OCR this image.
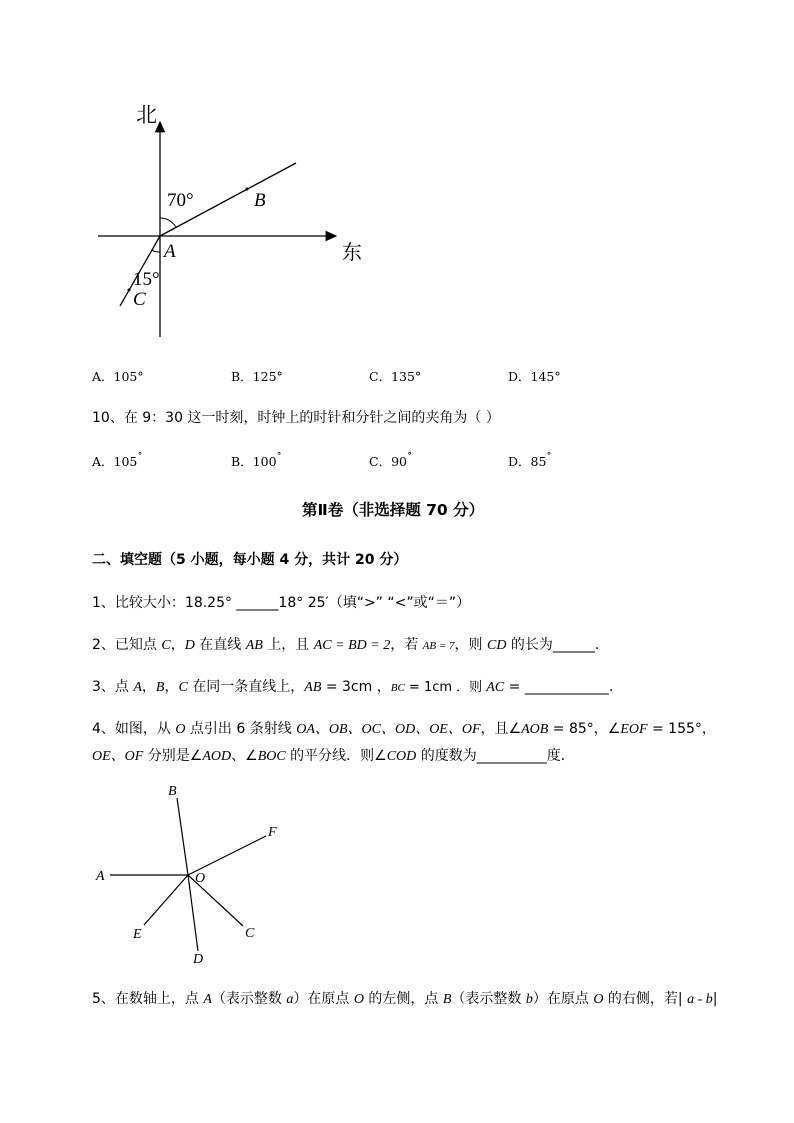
北
东
70°
15°
A
B
C
A．105°	B．125°	C．135°	D．145°
10、在 9：30 这一时刻，时钟上的时针和分针之间的夹角为（ ）
A．105˚	B．100˚	C．90˚	D．85˚
第Ⅱ卷（非选择题 70 分）
二、填空题（5 小题，每小题 4 分，共计 20 分）
1、比较大小：18.25° ______18° 25′（填“>” “<”或“＝”）
2、已知点 C，D 在直线 AB 上，且 AC = BD = 2，若 AB = 7，则 CD 的长为______.
3、点 A，B，C 在同一条直线上，AB = 3cm ，BC = 1cm ．则 AC = ____________.
4、如图，从 O 点引出 6 条射线 OA、OB、OC、OD、OE、OF，且∠AOB = 85°，∠EOF = 155°，
OE、OF 分别是∠AOD、∠BOC 的平分线．则∠COD 的度数为__________度．
A
B
F
O
C
E
D
5、在数轴上，点 A（表示整数 a）在原点 O 的左侧，点 B（表示整数 b）在原点 O 的右侧，若| a - b|
